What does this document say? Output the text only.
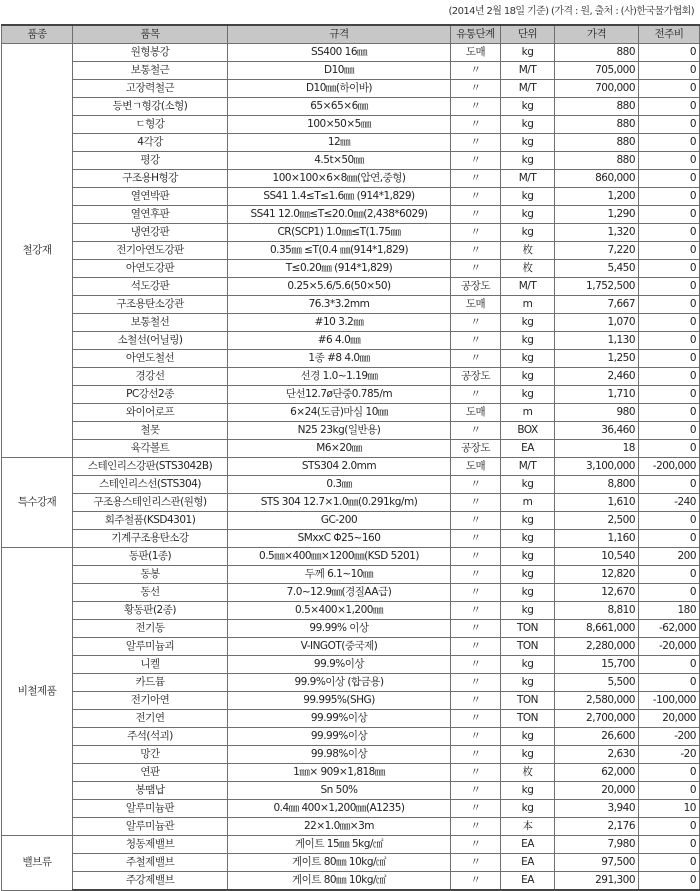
(2014년 2월 18일 기준) (가격 : 원, 출처 : (사)한국물가협회)
품종	품목	규격	유통단계	단위	가격	전주비
철강재	원형봉강	SS400 16㎜	도매	kg	880	0
	보통철근	D10㎜	〃	M/T	705,000	0
	고장력철근	D10㎜(하이바)	〃	M/T	700,000	0
	등변ㄱ형강(소형)	65×65×6㎜	〃	kg	880	0
	ㄷ형강	100×50×5㎜	〃	kg	880	0
	4각강	12㎜	〃	kg	880	0
	평강	4.5t×50㎜	〃	kg	880	0
	구조용H형강	100×100×6×8㎜(압연,중형)	〃	M/T	860,000	0
	열연박판	SS41 1.4≤T≤1.6㎜ (914*1,829)	〃	kg	1,200	0
	열연후판	SS41 12.0㎜≤T≤20.0㎜(2,438*6029)	〃	kg	1,290	0
	냉연강판	CR(SCP1) 1.0㎜≤T(1.75㎜	〃	kg	1,320	0
	전기아연도강판	0.35㎜ ≤T(0.4 ㎜(914*1,829)	〃	枚	7,220	0
	아연도강판	T≤0.20㎜ (914*1,829)	〃	枚	5,450	0
	석도강판	0.25×5.6/5.6(50×50)	공장도	M/T	1,752,500	0
	구조용탄소강관	76.3*3.2mm	도매	m	7,667	0
	보통철선	#10 3.2㎜	〃	kg	1,070	0
	소철선(어닐링)	#6 4.0㎜	〃	kg	1,130	0
	아연도철선	1종 #8 4.0㎜	〃	kg	1,250	0
	경강선	선경 1.0~1.19㎜	공장도	kg	2,460	0
	PC강선2종	단선12.7ø단중0.785/m	〃	kg	1,710	0
	와이어로프	6×24(도금)마심 10㎜	도매	m	980	0
	철못	N25 23kg(일반용)	〃	BOX	36,460	0
	육각볼트	M6×20㎜	공장도	EA	18	0
특수강재	스테인리스강판(STS3042B)	STS304 2.0mm	도매	M/T	3,100,000	-200,000
	스테인리스선(STS304)	0.3㎜	〃	kg	8,800	0
	구조용스테인리스관(원형)	STS 304 12.7×1.0㎜(0.291kg/m)	〃	m	1,610	-240
	회주철품(KSD4301)	GC-200	〃	kg	2,500	0
	기계구조용탄소강	SMxxC Φ25~160	〃	kg	1,160	0
비철제품	동판(1종)	0.5㎜×400㎜×1200㎜(KSD 5201)	〃	kg	10,540	200
	동봉	두께 6.1~10㎜	〃	kg	12,820	0
	동선	7.0~12.9㎜(경질AA급)	〃	kg	12,670	0
	황동판(2종)	0.5×400×1,200㎜	〃	kg	8,810	180
	전기동	99.99% 이상	〃	TON	8,661,000	-62,000
	알루미늄괴	V-INGOT(중국제)	〃	TON	2,280,000	-20,000
	니켈	99.9%이상	〃	kg	15,700	0
	카드뮴	99.9%이상 (합금용)	〃	kg	5,500	0
	전기아연	99.995%(SHG)	〃	TON	2,580,000	-100,000
	전기연	99.99%이상	〃	TON	2,700,000	20,000
	주석(석괴)	99.99%이상	〃	kg	26,600	-200
	망간	99.98%이상	〃	kg	2,630	-20
	연판	1㎜× 909×1,818㎜	〃	枚	62,000	0
	봉땜납	Sn 50%	〃	kg	20,000	0
	알루미늄판	0.4㎜ 400×1,200㎜(A1235)	〃	kg	3,940	10
	알루미늄관	22×1.0㎜×3m	〃	本	2,176	0
밸브류	청동제밸브	게이트 15㎜ 5kg/㎠	〃	EA	7,980	0
	주철제밸브	게이트 80㎜ 10kg/㎠	〃	EA	97,500	0
	주강제밸브	게이트 80㎜ 10kg/㎠	〃	EA	291,300	0
